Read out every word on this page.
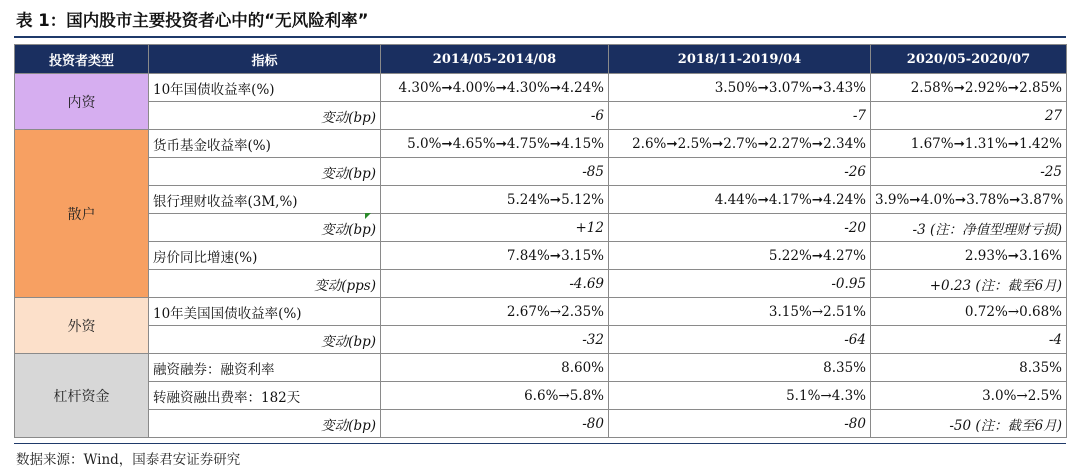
表 1：国内股市主要投资者心中的“无风险利率”
投资者类型	指标	2014/05-2014/08	2018/11-2019/04	2020/05-2020/07
内资	10年国债收益率(%)	4.30%➞4.00%➞4.30%➞4.24%	3.50%➞3.07%➞3.43%	2.58%➞2.92%➞2.85%
	变动(bp)	-6	-7	27
散户	货币基金收益率(%)	5.0%➞4.65%➞4.75%➞4.15%	2.6%➞2.5%➞2.7%➞2.27%➞2.34%	1.67%➞1.31%➞1.42%
	变动(bp)	-85	-26	-25
	银行理财收益率(3M,%)	5.24%➞5.12%	4.44%➞4.17%➞4.24%	3.9%➞4.0%➞3.78%➞3.87%
	变动(bp)	+12	-20	-3 (注：净值型理财亏损)
	房价同比增速(%)	7.84%➞3.15%	5.22%➞4.27%	2.93%➞3.16%
	变动(pps)	-4.69	-0.95	+0.23 (注：截至6月)
外资	10年美国国债收益率(%)	2.67%→2.35%	3.15%→2.51%	0.72%→0.68%
	变动(bp)	-32	-64	-4
杠杆资金	融资融券：融资利率	8.60%	8.35%	8.35%
	转融资融出费率：182天	6.6%→5.8%	5.1%→4.3%	3.0%→2.5%
	变动(bp)	-80	-80	-50 (注：截至6月)
数据来源：Wind，国泰君安证券研究
